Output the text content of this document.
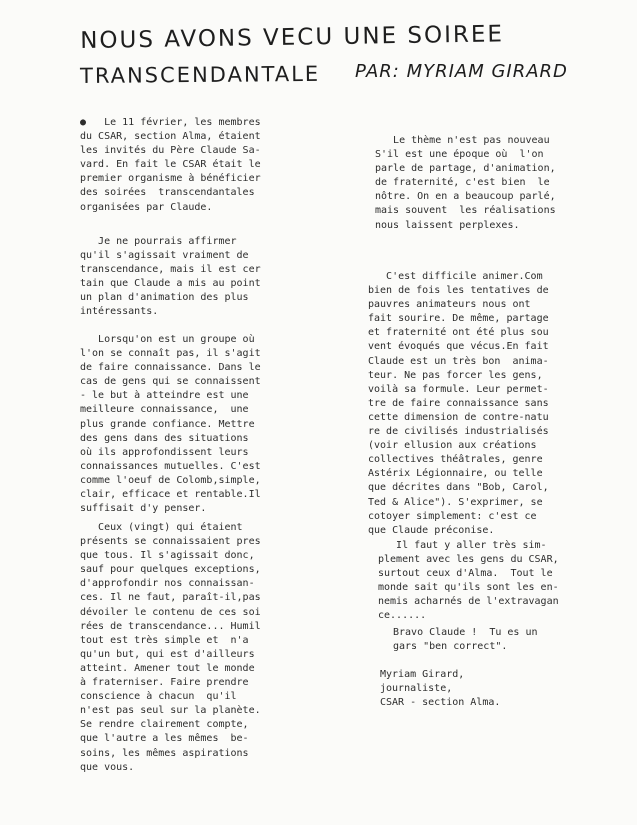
NOUS AVONS VECU UNE SOIREE
TRANSCENDANTALE PAR: MYRIAM GIRARD

●   Le 11 février, les membres
du CSAR, section Alma, étaient
les invités du Père Claude Sa-
vard. En fait le CSAR était le
premier organisme à bénéficier
des soirées  transcendantales
organisées par Claude.

Je ne pourrais affirmer
qu'il s'agissait vraiment de
transcendance, mais il est cer
tain que Claude a mis au point
un plan d'animation des plus
intéressants.

Lorsqu'on est un groupe où
l'on se connaît pas, il s'agit
de faire connaissance. Dans le
cas de gens qui se connaissent
- le but à atteindre est une
meilleure connaissance,  une
plus grande confiance. Mettre
des gens dans des situations
où ils approfondissent leurs
connaissances mutuelles. C'est
comme l'oeuf de Colomb,simple,
clair, efficace et rentable.Il
suffisait d'y penser.

Ceux (vingt) qui étaient
présents se connaissaient pres
que tous. Il s'agissait donc,
sauf pour quelques exceptions,
d'approfondir nos connaissan-
ces. Il ne faut, paraît-il,pas
dévoiler le contenu de ces soi
rées de transcendance... Humil
tout est très simple et  n'a
qu'un but, qui est d'ailleurs
atteint. Amener tout le monde
à fraterniser. Faire prendre
conscience à chacun  qu'il
n'est pas seul sur la planète.
Se rendre clairement compte,
que l'autre a les mêmes  be-
soins, les mêmes aspirations
que vous.

Le thème n'est pas nouveau
S'il est une époque où  l'on
parle de partage, d'animation,
de fraternité, c'est bien  le
nôtre. On en a beaucoup parlé,
mais souvent  les réalisations
nous laissent perplexes.

C'est difficile animer.Com
bien de fois les tentatives de
pauvres animateurs nous ont
fait sourire. De même, partage
et fraternité ont été plus sou
vent évoqués que vécus.En fait
Claude est un très bon  anima-
teur. Ne pas forcer les gens,
voilà sa formule. Leur permet-
tre de faire connaissance sans
cette dimension de contre-natu
re de civilisés industrialisés
(voir ellusion aux créations
collectives théâtrales, genre
Astérix Légionnaire, ou telle
que décrites dans "Bob, Carol,
Ted & Alice"). S'exprimer, se
cotoyer simplement: c'est ce
que Claude préconise.

Il faut y aller très sim-
plement avec les gens du CSAR,
surtout ceux d'Alma.  Tout le
monde sait qu'ils sont les en-
nemis acharnés de l'extravagan
ce......

Bravo Claude !  Tu es un
gars "ben correct".

Myriam Girard,
journaliste,
CSAR - section Alma.
